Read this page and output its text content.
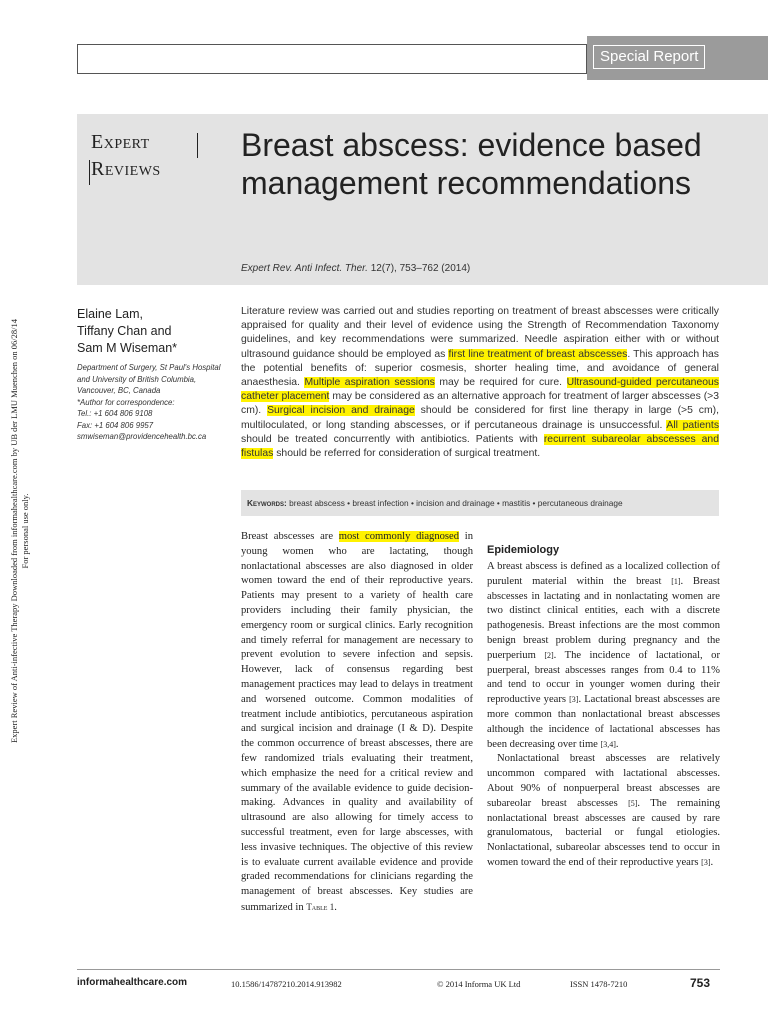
Special Report
Expert Review of Anti-infective Therapy Downloaded from informahealthcare.com by UB der LMU Muenchen on 06/28/14 For personal use only.
Expert
Reviews
Breast abscess: evidence based management recommendations
Expert Rev. Anti Infect. Ther. 12(7), 753–762 (2014)
Elaine Lam,
Tiffany Chan and
Sam M Wiseman*
Department of Surgery, St Paul's Hospital and University of British Columbia, Vancouver, BC, Canada
*Author for correspondence:
Tel.: +1 604 806 9108
Fax: +1 604 806 9957
smwiseman@providencehealth.bc.ca
Literature review was carried out and studies reporting on treatment of breast abscesses were critically appraised for quality and their level of evidence using the Strength of Recommendation Taxonomy guidelines, and key recommendations were summarized. Needle aspiration either with or without ultrasound guidance should be employed as first line treatment of breast abscesses. This approach has the potential benefits of: superior cosmesis, shorter healing time, and avoidance of general anaesthesia. Multiple aspiration sessions may be required for cure. Ultrasound-guided percutaneous catheter placement may be considered as an alternative approach for treatment of larger abscesses (>3 cm). Surgical incision and drainage should be considered for first line therapy in large (>5 cm), multiloculated, or long standing abscesses, or if percutaneous drainage is unsuccessful. All patients should be treated concurrently with antibiotics. Patients with recurrent subareolar abscesses and fistulas should be referred for consideration of surgical treatment.
Keywords: breast abscess • breast infection • incision and drainage • mastitis • percutaneous drainage

Breast abscesses are most commonly diagnosed in young women who are lactating, though nonlactational abscesses are also diagnosed in older women toward the end of their reproductive years. Patients may present to a variety of health care providers including their family physician, the emergency room or surgical clinics. Early recognition and timely referral for management are necessary to prevent evolution to severe infection and sepsis. However, lack of consensus regarding best management practices may lead to delays in treatment and worsened outcome. Common modalities of treatment include antibiotics, percutaneous aspiration and surgical incision and drainage (I & D). Despite the common occurrence of breast abscesses, there are few randomized trials evaluating their treatment, which emphasize the need for a critical review and summary of the available evidence to guide decision-making. Advances in quality and availability of ultrasound are also allowing for timely access to successful treatment, even for large abscesses, with less invasive techniques. The objective of this review is to evaluate current available evidence and provide graded recommendations for clinicians regarding the management of breast abscesses. Key studies are summarized in Table 1.

Epidemiology

A breast abscess is defined as a localized collection of purulent material within the breast [1]. Breast abscesses in lactating and in nonlactating women are two distinct clinical entities, each with a discrete pathogenesis. Breast infections are the most common benign breast problem during pregnancy and the puerperium [2]. The incidence of lactational, or puerperal, breast abscesses ranges from 0.4 to 11% and tend to occur in younger women during their reproductive years [3]. Lactational breast abscesses are more common than nonlactational breast abscesses although the incidence of lactational abscesses has been decreasing over time [3,4].

Nonlactational breast abscesses are relatively uncommon compared with lactational abscesses. About 90% of nonpuerperal breast abscesses are subareolar breast abscesses [5]. The remaining nonlactational breast abscesses are caused by rare granulomatous, bacterial or fungal etiologies. Nonlactational, subareolar abscesses tend to occur in women toward the end of their reproductive years [3].

informahealthcare.com	10.1586/14787210.2014.913982	© 2014 Informa UK Ltd	ISSN 1478-7210	753
